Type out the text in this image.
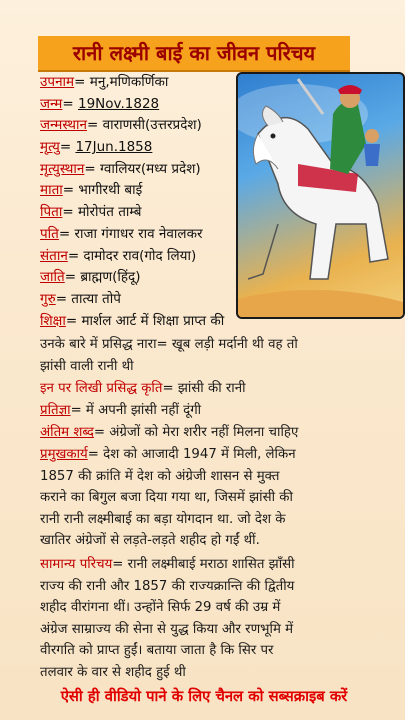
रानी लक्ष्मी बाई का जीवन परिचय
उपनाम= मनु,मणिकर्णिका
जन्म= 19Nov.1828
जन्मस्थान= वाराणसी(उत्तरप्रदेश)
मृत्यु= 17Jun.1858
मृत्युस्थान= ग्वालियर(मध्य प्रदेश)
माता= भागीरथी बाई
पिता= मोरोपंत ताम्बे
पति= राजा गंगाधर राव नेवालकर
संतान= दामोदर राव(गोद लिया)
जाति= ब्राह्मण(हिंदू)
गुरु= तात्या तोपे
शिक्षा= मार्शल आर्ट में शिक्षा प्राप्त की
उनके बारे में प्रसिद्ध नारा= खूब लड़ी मर्दानी थी वह तो
झांसी वाली रानी थी
इन पर लिखी प्रसिद्ध कृति= झांसी की रानी
प्रतिज्ञा= में अपनी झांसी नहीं दूंगी
अंतिम शब्द= अंग्रेजों को मेरा शरीर नहीं मिलना चाहिए
प्रमुखकार्य= देश को आजादी 1947 में मिली, लेकिन
1857 की क्रांति में देश को अंग्रेजी शासन से मुक्त
कराने का बिगुल बजा दिया गया था, जिसमें झांसी की
रानी रानी लक्ष्मीबाई का बड़ा योगदान था. जो देश के
खातिर अंग्रेजों से लड़ते-लड़ते शहीद हो गईं थीं.
सामान्य परिचय= रानी लक्ष्मीबाई मराठा शासित झाँसी
राज्य की रानी और 1857 की राज्यक्रान्ति की द्वितीय
शहीद वीरांगना थीं। उन्होंने सिर्फ 29 वर्ष की उम्र में
अंग्रेज साम्राज्य की सेना से युद्ध किया और रणभूमि में
वीरगति को प्राप्त हुईं। बताया जाता है कि सिर पर
तलवार के वार से शहीद हुई थी
ऐसी ही वीडियो पाने के लिए चैनल को सब्सक्राइब करें
